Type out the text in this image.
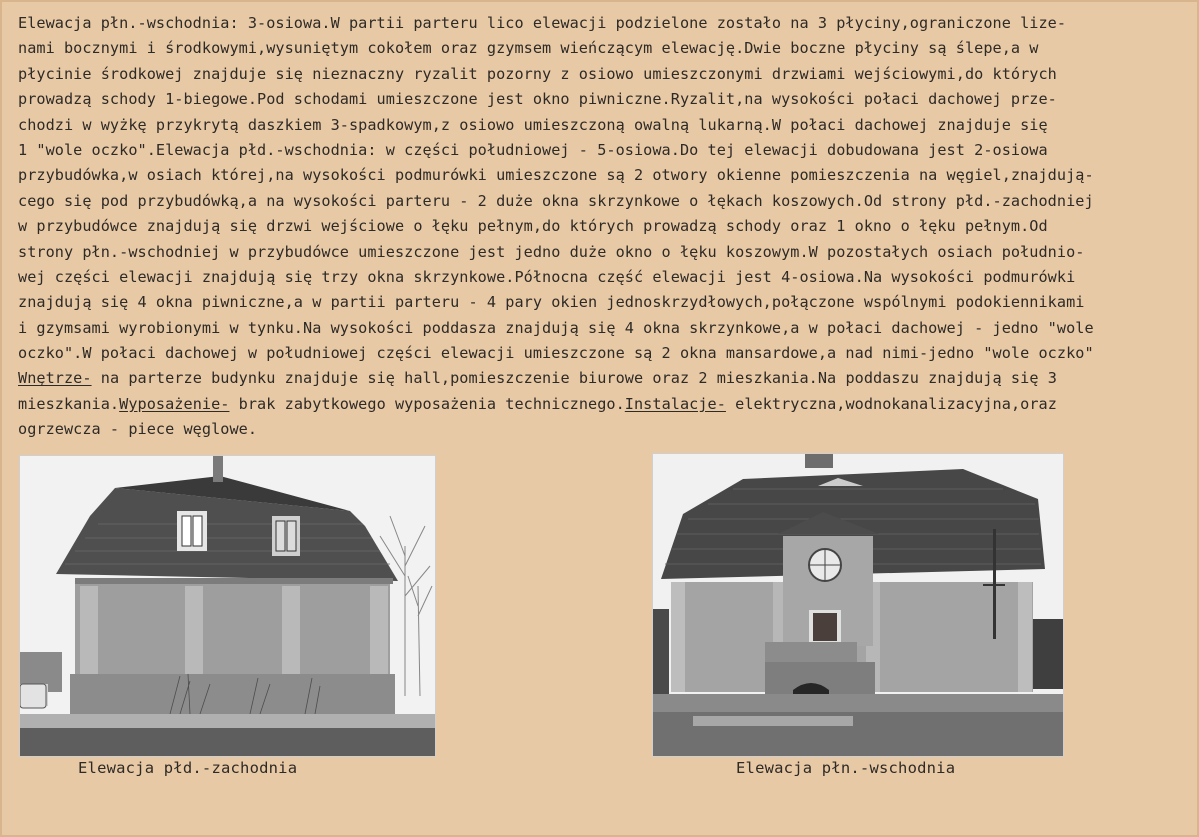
Elewacja płn.-wschodnia: 3-osiowa.W partii parteru lico elewacji podzielone zostało na 3 płyciny,ograniczone lize-
nami bocznymi i środkowymi,wysuniętym cokołem oraz gzymsem wieńczącym elewację.Dwie boczne płyciny są ślepe,a w
płycinie środkowej znajduje się nieznaczny ryzalit pozorny z osiowo umieszczonymi drzwiami wejściowymi,do których
prowadzą schody 1-biegowe.Pod schodami umieszczone jest okno piwniczne.Ryzalit,na wysokości połaci dachowej prze-
chodzi w wyżkę przykrytą daszkiem 3-spadkowym,z osiowo umieszczoną owalną lukarną.W połaci dachowej znajduje się
1 "wole oczko".Elewacja płd.-wschodnia: w części południowej - 5-osiowa.Do tej elewacji dobudowana jest 2-osiowa
przybudówka,w osiach której,na wysokości podmurówki umieszczone są 2 otwory okienne pomieszczenia na węgiel,znajdują-
cego się pod przybudówką,a na wysokości parteru - 2 duże okna skrzynkowe o łękach koszowych.Od strony płd.-zachodniej
w przybudówce znajdują się drzwi wejściowe o łęku pełnym,do których prowadzą schody oraz 1 okno o łęku pełnym.Od
strony płn.-wschodniej w przybudówce umieszczone jest jedno duże okno o łęku koszowym.W pozostałych osiach południo-
wej części elewacji znajdują się trzy okna skrzynkowe.Północna część elewacji jest 4-osiowa.Na wysokości podmurówki
znajdują się 4 okna piwniczne,a w partii parteru - 4 pary okien jednoskrzydłowych,połączone wspólnymi podokiennikami
i gzymsami wyrobionymi w tynku.Na wysokości poddasza znajdują się 4 okna skrzynkowe,a w połaci dachowej - jedno "wole
oczko".W połaci dachowej w południowej części elewacji umieszczone są 2 okna mansardowe,a nad nimi-jedno "wole oczko"
Wnętrze- na parterze budynku znajduje się hall,pomieszczenie biurowe oraz 2 mieszkania.Na poddaszu znajdują się 3
mieszkania.Wyposażenie- brak zabytkowego wyposażenia technicznego.Instalacje- elektryczna,wodnokanalizacyjna,oraz
ogrzewcza - piece węglowe.
Elewacja płd.-zachodnia	Elewacja płn.-wschodnia
